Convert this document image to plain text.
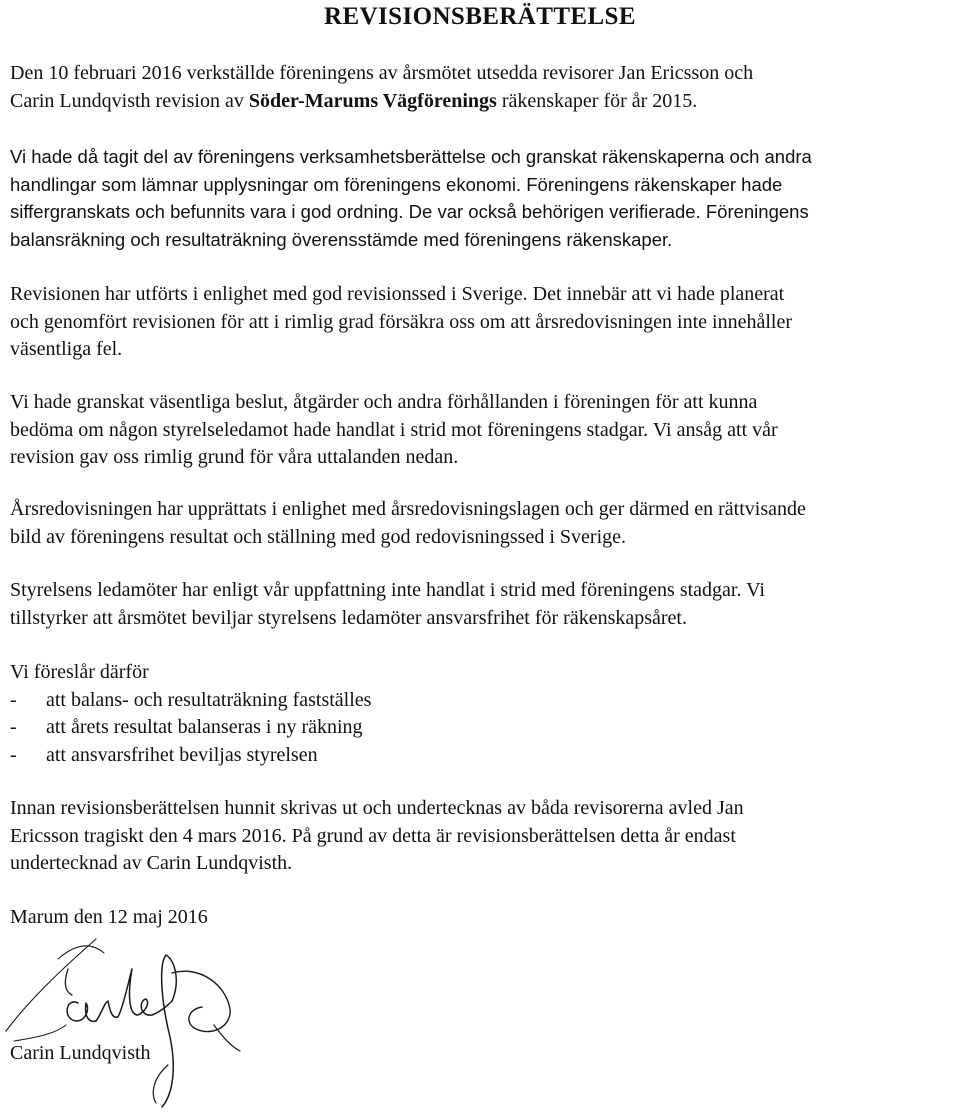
REVISIONSBERÄTTELSE
Den 10 februari 2016 verkställde föreningens av årsmötet utsedda revisorer Jan Ericsson och
Carin Lundqvisth revision av Söder-Marums Vägförenings räkenskaper för år 2015.
Vi hade då tagit del av föreningens verksamhetsberättelse och granskat räkenskaperna och andra
handlingar som lämnar upplysningar om föreningens ekonomi. Föreningens räkenskaper hade
siffergranskats och befunnits vara i god ordning. De var också behörigen verifierade. Föreningens
balansräkning och resultaträkning överensstämde med föreningens räkenskaper.
Revisionen har utförts i enlighet med god revisionssed i Sverige. Det innebär att vi hade planerat
och genomfört revisionen för att i rimlig grad försäkra oss om att årsredovisningen inte innehåller
väsentliga fel.
Vi hade granskat väsentliga beslut, åtgärder och andra förhållanden i föreningen för att kunna
bedöma om någon styrelseledamot hade handlat i strid mot föreningens stadgar. Vi ansåg att vår
revision gav oss rimlig grund för våra uttalanden nedan.
Årsredovisningen har upprättats i enlighet med årsredovisningslagen och ger därmed en rättvisande
bild av föreningens resultat och ställning med god redovisningssed i Sverige.
Styrelsens ledamöter har enligt vår uppfattning inte handlat i strid med föreningens stadgar. Vi
tillstyrker att årsmötet beviljar styrelsens ledamöter ansvarsfrihet för räkenskapsåret.
Vi föreslår därför
- att balans- och resultaträkning fastställes
- att årets resultat balanseras i ny räkning
- att ansvarsfrihet beviljas styrelsen
Innan revisionsberättelsen hunnit skrivas ut och undertecknas av båda revisorerna avled Jan
Ericsson tragiskt den 4 mars 2016. På grund av detta är revisionsberättelsen detta år endast
undertecknad av Carin Lundqvisth.
Marum den 12 maj 2016
Carin Lundqvisth
